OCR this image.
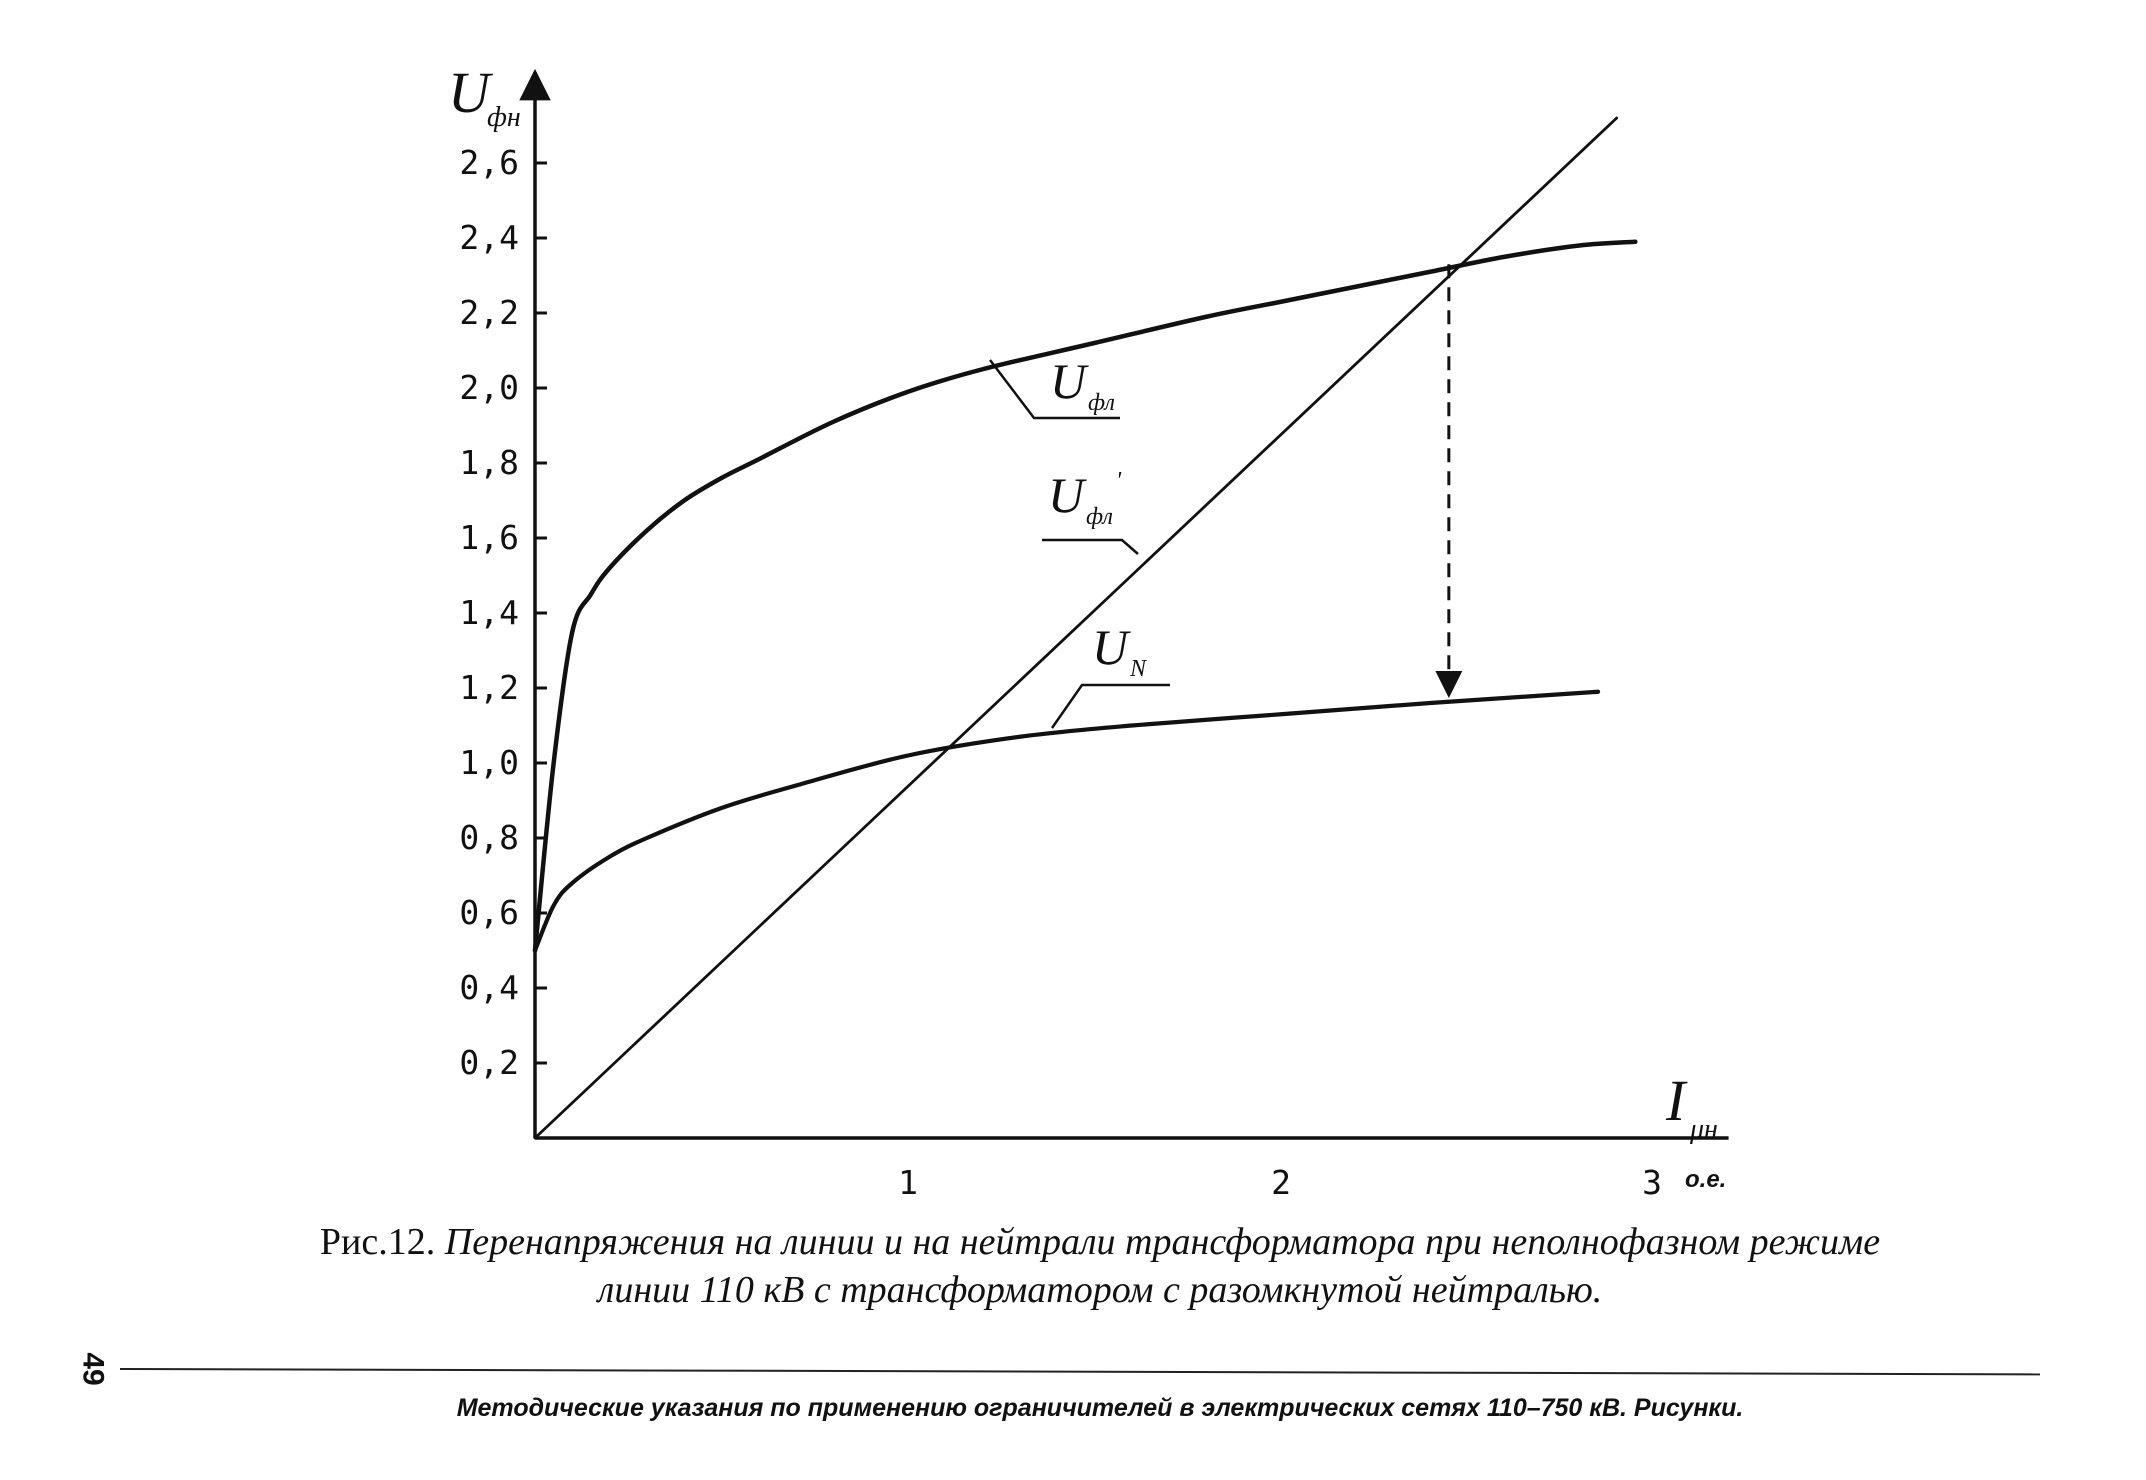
0,2
0,4
0,6
0,8
1,0
1,2
1,4
1,6
1,8
2,0
2,2
2,4
2,6
1	2	3
U
фн
I μн
о.е.
U фл
U фл
'
U N
Рис.12. Перенапряжения на линии и на нейтрали трансформатора при неполнофазном режиме линии 110 кВ с трансформатором с разомкнутой нейтралью.
49
Методические указания по применению ограничителей в электрических сетях 110–750 кВ. Рисунки.
